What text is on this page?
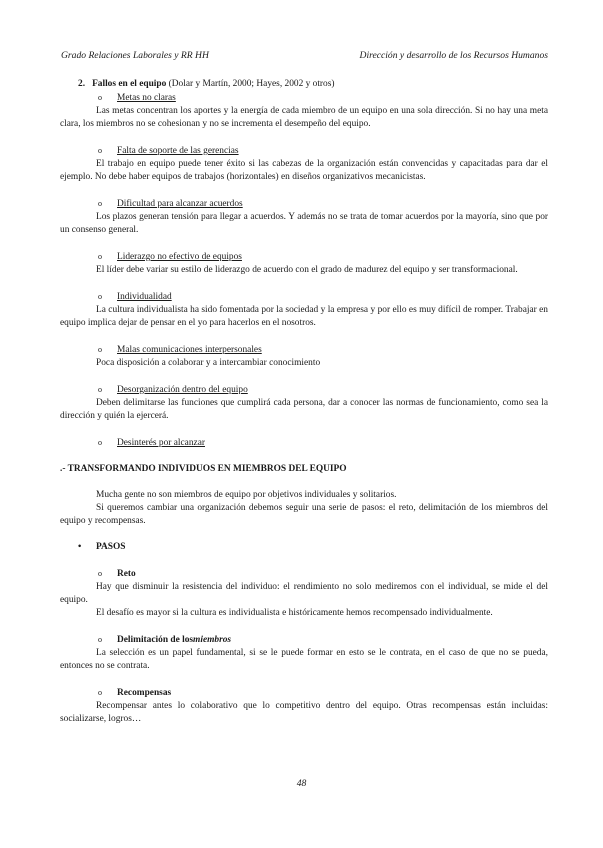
Grado Relaciones Laborales y RR HH	Dirección y desarrollo de los Recursos Humanos

2. Fallos en el equipo (Dolar y Martín, 2000; Hayes, 2002 y otros)

o	Metas no claras

Las metas concentran los aportes y la energía de cada miembro de un equipo en una sola dirección. Si no hay una meta clara, los miembros no se cohesionan y no se incrementa el desempeño del equipo.

o	Falta de soporte de las gerencias

El trabajo en equipo puede tener éxito si las cabezas de la organización están convencidas y capacitadas para dar el ejemplo. No debe haber equipos de trabajos (horizontales) en diseños organizativos mecanicistas.

o	Dificultad para alcanzar acuerdos

Los plazos generan tensión para llegar a acuerdos. Y además no se trata de tomar acuerdos por la mayoría, sino que por un consenso general.

o	Liderazgo no efectivo de equipos

El líder debe variar su estilo de liderazgo de acuerdo con el grado de madurez del equipo y ser transformacional.

o	Individualidad

La cultura individualista ha sido fomentada por la sociedad y la empresa y por ello es muy difícil de romper. Trabajar en equipo implica dejar de pensar en el yo para hacerlos en el nosotros.

o	Malas comunicaciones interpersonales

Poca disposición a colaborar y a intercambiar conocimiento

o	Desorganización dentro del equipo

Deben delimitarse las funciones que cumplirá cada persona, dar a conocer las normas de funcionamiento, como sea la dirección y quién la ejercerá.

o	Desinterés por alcanzar

.- TRANSFORMANDO INDIVIDUOS EN MIEMBROS DEL EQUIPO

Mucha gente no son miembros de equipo por objetivos individuales y solitarios.

Si queremos cambiar una organización debemos seguir una serie de pasos: el reto, delimitación de los miembros del equipo y recompensas.

•	PASOS
o	Reto

Hay que disminuir la resistencia del individuo: el rendimiento no solo mediremos con el individual, se mide el del equipo.

El desafío es mayor si la cultura es individualista e históricamente hemos recompensado individualmente.

o	Delimitación de los miembros

La selección es un papel fundamental, si se le puede formar en esto se le contrata, en el caso de que no se pueda, entonces no se contrata.

o	Recompensas

Recompensar antes lo colaborativo que lo competitivo dentro del equipo. Otras recompensas están incluidas: socializarse, logros…

48
